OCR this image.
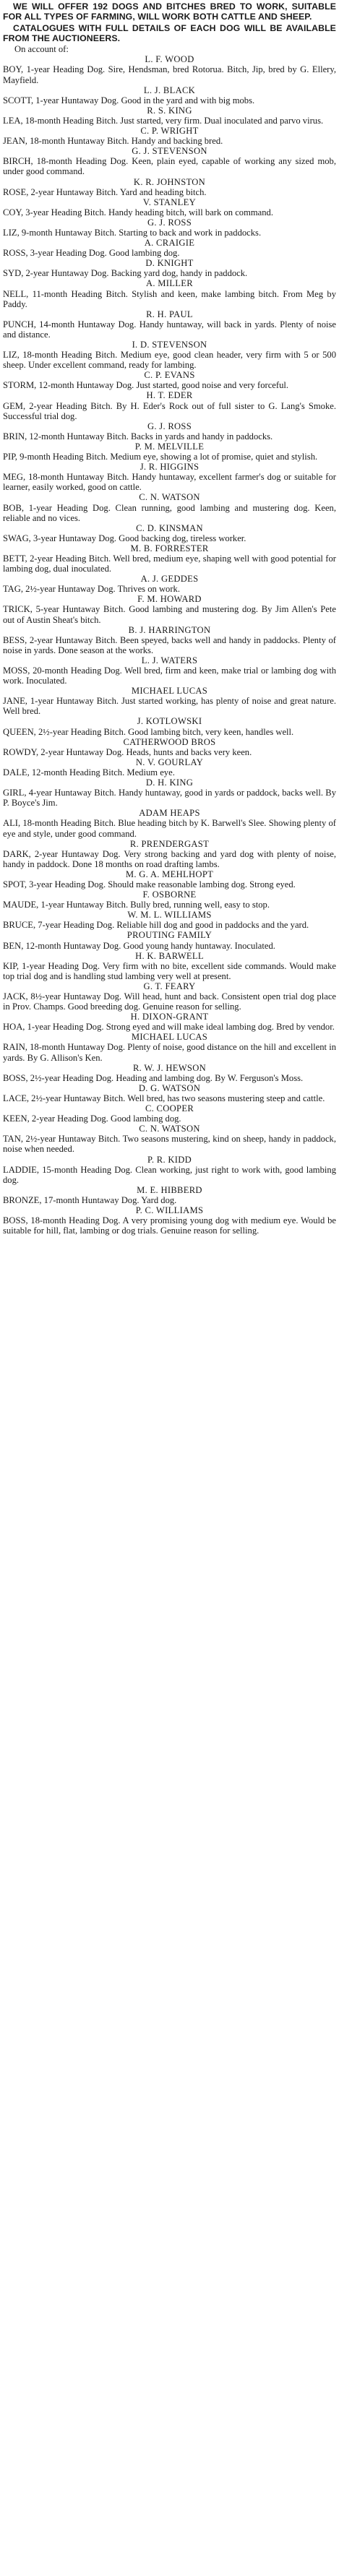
WE WILL OFFER 192 DOGS AND BITCHES BRED TO WORK, SUITABLE FOR ALL TYPES OF FARMING, WILL WORK BOTH CATTLE AND SHEEP.

CATALOGUES WITH FULL DETAILS OF EACH DOG WILL BE AVAILABLE FROM THE AUCTIONEERS.

On account of:

L. F. WOOD
BOY, 1-year Heading Dog. Sire, Hendsman, bred Rotorua. Bitch, Jip, bred by G. Ellery, Mayfield.
L. J. BLACK
SCOTT, 1-year Huntaway Dog. Good in the yard and with big mobs.
R. S. KING
LEA, 18-month Heading Bitch. Just started, very firm. Dual inoculated and parvo virus.
C. P. WRIGHT
JEAN, 18-month Huntaway Bitch. Handy and backing bred.
G. J. STEVENSON
BIRCH, 18-month Heading Dog. Keen, plain eyed, capable of working any sized mob, under good command.
K. R. JOHNSTON
ROSE, 2-year Huntaway Bitch. Yard and heading bitch.
V. STANLEY
COY, 3-year Heading Bitch. Handy heading bitch, will bark on command.
G. J. ROSS
LIZ, 9-month Huntaway Bitch. Starting to back and work in paddocks.
A. CRAIGIE
ROSS, 3-year Heading Dog. Good lambing dog.
D. KNIGHT
SYD, 2-year Huntaway Dog. Backing yard dog, handy in paddock.
A. MILLER
NELL, 11-month Heading Bitch. Stylish and keen, make lambing bitch. From Meg by Paddy.
R. H. PAUL
PUNCH, 14-month Huntaway Dog. Handy huntaway, will back in yards. Plenty of noise and distance.
I. D. STEVENSON
LIZ, 18-month Heading Bitch. Medium eye, good clean header, very firm with 5 or 500 sheep. Under excellent command, ready for lambing.
C. P. EVANS
STORM, 12-month Huntaway Dog. Just started, good noise and very forceful.
H. T. EDER
GEM, 2-year Heading Bitch. By H. Eder's Rock out of full sister to G. Lang's Smoke. Successful trial dog.
G. J. ROSS
BRIN, 12-month Huntaway Bitch. Backs in yards and handy in paddocks.
P. M. MELVILLE
PIP, 9-month Heading Bitch. Medium eye, showing a lot of promise, quiet and stylish.
J. R. HIGGINS
MEG, 18-month Huntaway Bitch. Handy huntaway, excellent farmer's dog or suitable for learner, easily worked, good on cattle.
C. N. WATSON
BOB, 1-year Heading Dog. Clean running, good lambing and mustering dog. Keen, reliable and no vices.
C. D. KINSMAN
SWAG, 3-year Huntaway Dog. Good backing dog, tireless worker.
M. B. FORRESTER
BETT, 2-year Heading Bitch. Well bred, medium eye, shaping well with good potential for lambing dog, dual inoculated.
A. J. GEDDES
TAG, 2½-year Huntaway Dog. Thrives on work.
F. M. HOWARD
TRICK, 5-year Huntaway Bitch. Good lambing and mustering dog. By Jim Allen's Pete out of Austin Sheat's bitch.
B. J. HARRINGTON
BESS, 2-year Huntaway Bitch. Been speyed, backs well and handy in paddocks. Plenty of noise in yards. Done season at the works.
L. J. WATERS
MOSS, 20-month Heading Dog. Well bred, firm and keen, make trial or lambing dog with work. Inoculated.
MICHAEL LUCAS
JANE, 1-year Huntaway Bitch. Just started working, has plenty of noise and great nature. Well bred.
J. KOTLOWSKI
QUEEN, 2½-year Heading Bitch. Good lambing bitch, very keen, handles well.
CATHERWOOD BROS
ROWDY, 2-year Huntaway Dog. Heads, hunts and backs very keen.
N. V. GOURLAY
DALE, 12-month Heading Bitch. Medium eye.
D. H. KING
GIRL, 4-year Huntaway Bitch. Handy huntaway, good in yards or paddock, backs well. By P. Boyce's Jim.
ADAM HEAPS
ALI, 18-month Heading Bitch. Blue heading bitch by K. Barwell's Slee. Showing plenty of eye and style, under good command.
R. PRENDERGAST
DARK, 2-year Huntaway Dog. Very strong backing and yard dog with plenty of noise, handy in paddock. Done 18 months on road drafting lambs.
M. G. A. MEHLHOPT
SPOT, 3-year Heading Dog. Should make reasonable lambing dog. Strong eyed.
F. OSBORNE
MAUDE, 1-year Huntaway Bitch. Bully bred, running well, easy to stop.
W. M. L. WILLIAMS
BRUCE, 7-year Heading Dog. Reliable hill dog and good in paddocks and the yard.
PROUTING FAMILY
BEN, 12-month Huntaway Dog. Good young handy huntaway. Inoculated.
H. K. BARWELL
KIP, 1-year Heading Dog. Very firm with no bite, excellent side commands. Would make top trial dog and is handling stud lambing very well at present.
G. T. FEARY
JACK, 8½-year Huntaway Dog. Will head, hunt and back. Consistent open trial dog place in Prov. Champs. Good breeding dog. Genuine reason for selling.
H. DIXON-GRANT
HOA, 1-year Heading Dog. Strong eyed and will make ideal lambing dog. Bred by vendor.
MICHAEL LUCAS
RAIN, 18-month Huntaway Dog. Plenty of noise, good distance on the hill and excellent in yards. By G. Allison's Ken.
R. W. J. HEWSON
BOSS, 2½-year Heading Dog. Heading and lambing dog. By W. Ferguson's Moss.
D. G. WATSON
LACE, 2½-year Huntaway Bitch. Well bred, has two seasons mustering steep and cattle.
C. COOPER
KEEN, 2-year Heading Dog. Good lambing dog.
C. N. WATSON
TAN, 2½-year Huntaway Bitch. Two seasons mustering, kind on sheep, handy in paddock, noise when needed.
P. R. KIDD
LADDIE, 15-month Heading Dog. Clean working, just right to work with, good lambing dog.
M. E. HIBBERD
BRONZE, 17-month Huntaway Dog. Yard dog.
P. C. WILLIAMS
BOSS, 18-month Heading Dog. A very promising young dog with medium eye. Would be suitable for hill, flat, lambing or dog trials. Genuine reason for selling.
